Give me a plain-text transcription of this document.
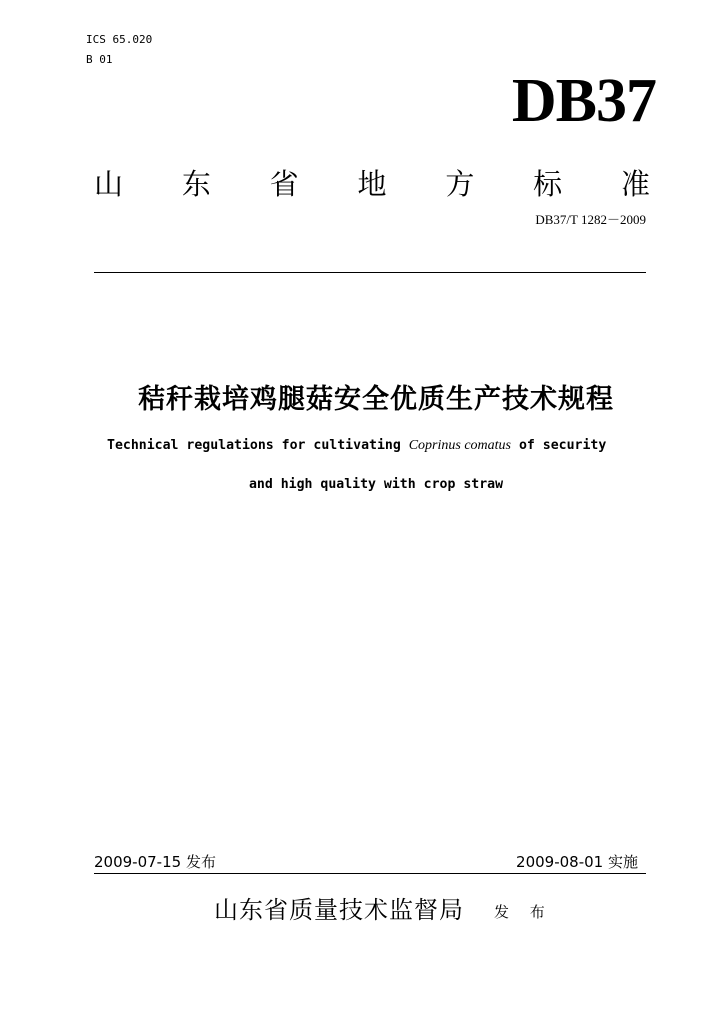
ICS 65.020
B 01
DB37
山 东 省 地 方 标 准
DB37/T 1282－2009
秸秆栽培鸡腿菇安全优质生产技术规程
Technical regulations for cultivating Coprinus comatus of security
and high quality with crop straw
2009-07-15 发布	2009-08-01 实施
山东省质量技术监督局 发 布
